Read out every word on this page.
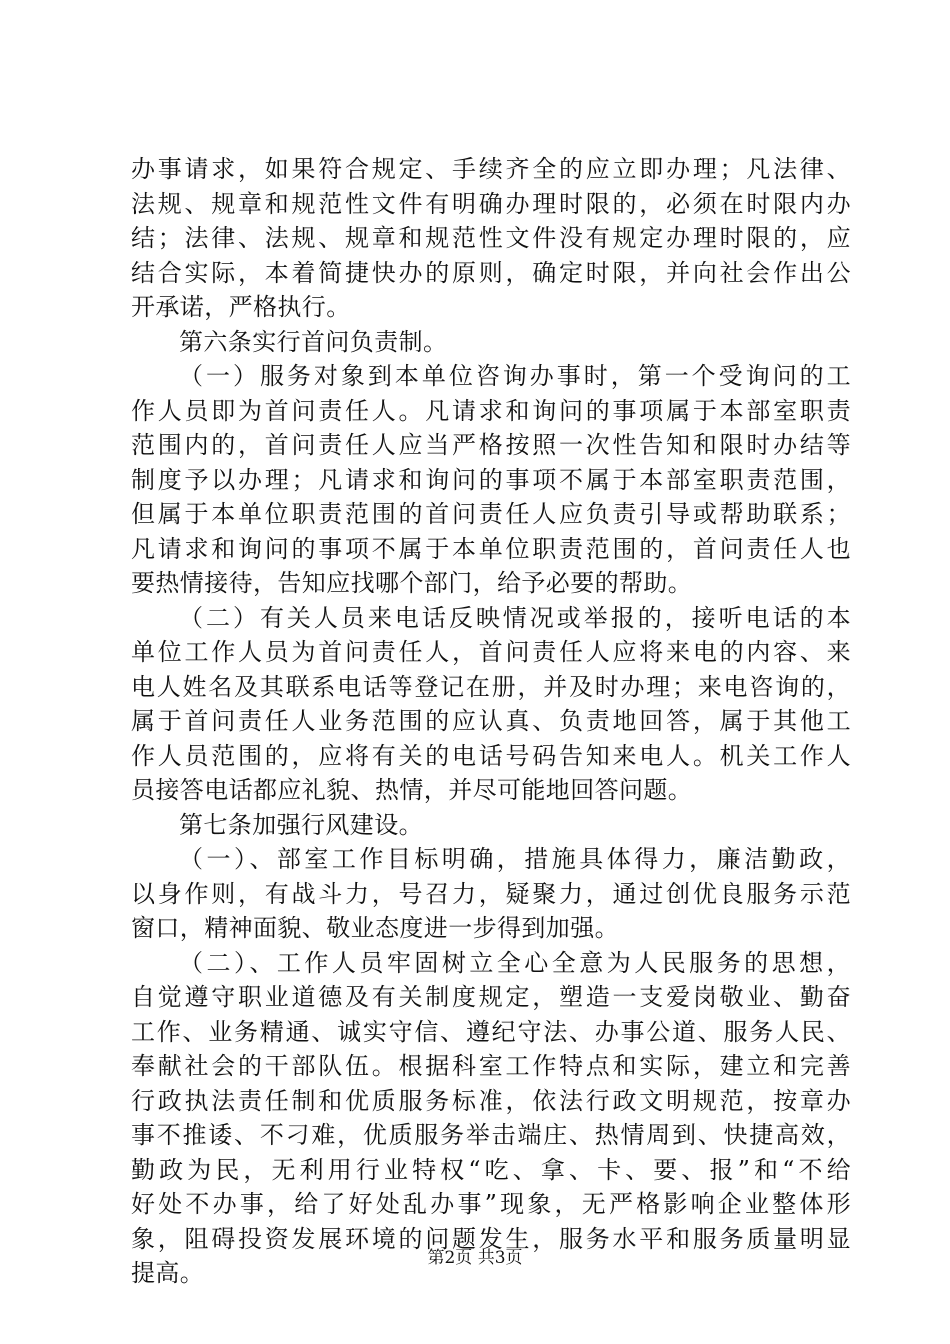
办事请求，如果符合规定、手续齐全的应立即办理；凡法律、
法规、规章和规范性文件有明确办理时限的，必须在时限内办
结；法律、法规、规章和规范性文件没有规定办理时限的，应
结合实际，本着简捷快办的原则，确定时限，并向社会作出公
开承诺，严格执行。
第六条实行首问负责制。
（一）服务对象到本单位咨询办事时，第一个受询问的工
作人员即为首问责任人。凡请求和询问的事项属于本部室职责
范围内的，首问责任人应当严格按照一次性告知和限时办结等
制度予以办理；凡请求和询问的事项不属于本部室职责范围，
但属于本单位职责范围的首问责任人应负责引导或帮助联系；
凡请求和询问的事项不属于本单位职责范围的，首问责任人也
要热情接待，告知应找哪个部门，给予必要的帮助。
（二）有关人员来电话反映情况或举报的，接听电话的本
单位工作人员为首问责任人，首问责任人应将来电的内容、来
电人姓名及其联系电话等登记在册，并及时办理；来电咨询的，
属于首问责任人业务范围的应认真、负责地回答，属于其他工
作人员范围的，应将有关的电话号码告知来电人。机关工作人
员接答电话都应礼貌、热情，并尽可能地回答问题。
第七条加强行风建设。
（一）、部室工作目标明确，措施具体得力，廉洁勤政，
以身作则，有战斗力，号召力，疑聚力，通过创优良服务示范
窗口，精神面貌、敬业态度进一步得到加强。
（二）、工作人员牢固树立全心全意为人民服务的思想，
自觉遵守职业道德及有关制度规定，塑造一支爱岗敬业、勤奋
工作、业务精通、诚实守信、遵纪守法、办事公道、服务人民、
奉献社会的干部队伍。根据科室工作特点和实际，建立和完善
行政执法责任制和优质服务标准，依法行政文明规范，按章办
事不推诿、不刁难，优质服务举击端庄、热情周到、快捷高效，
勤政为民，无利用行业特权“吃、拿、卡、要、报”和“不给
好处不办事，给了好处乱办事”现象，无严格影响企业整体形
象，阻碍投资发展环境的问题发生，服务水平和服务质量明显
提高。
第2页 共3页
